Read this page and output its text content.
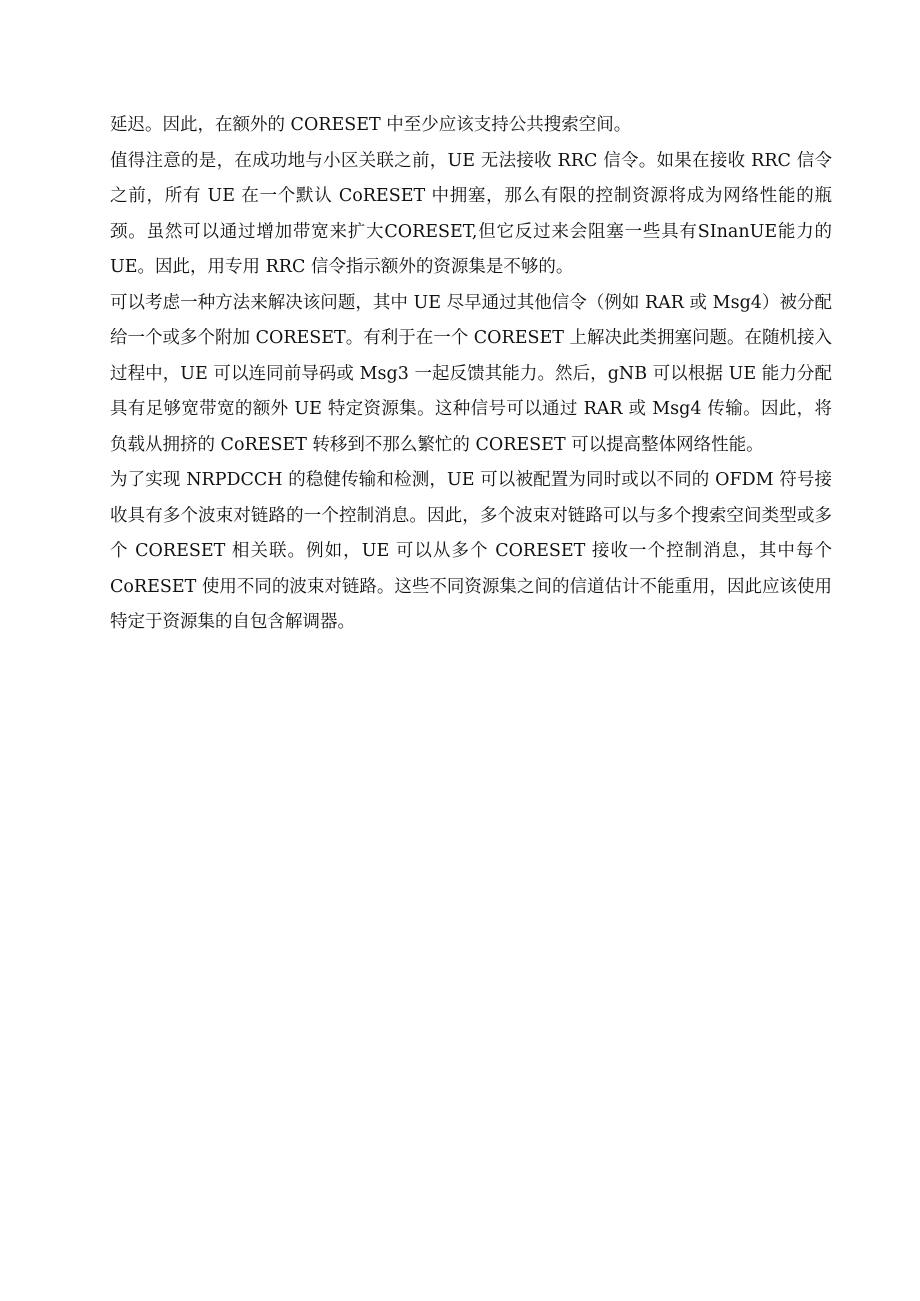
延迟。因此，在额外的 CORESET 中至少应该支持公共搜索空间。

值得注意的是，在成功地与小区关联之前，UE 无法接收 RRC 信令。如果在接收 RRC 信令之前，所有 UE 在一个默认 CoRESET 中拥塞，那么有限的控制资源将成为网络性能的瓶颈。虽然可以通过增加带宽来扩大CORESET,但它反过来会阻塞一些具有SInanUE能力的UE。因此，用专用 RRC 信令指示额外的资源集是不够的。

可以考虑一种方法来解决该问题，其中 UE 尽早通过其他信令（例如 RAR 或 Msg4）被分配给一个或多个附加 CORESET。有利于在一个 CORESET 上解决此类拥塞问题。在随机接入过程中，UE 可以连同前导码或 Msg3 一起反馈其能力。然后，gNB 可以根据 UE 能力分配具有足够宽带宽的额外 UE 特定资源集。这种信号可以通过 RAR 或 Msg4 传输。因此，将负载从拥挤的 CoRESET 转移到不那么繁忙的 CORESET 可以提高整体网络性能。

为了实现 NRPDCCH 的稳健传输和检测，UE 可以被配置为同时或以不同的 OFDM 符号接收具有多个波束对链路的一个控制消息。因此，多个波束对链路可以与多个搜索空间类型或多个 CORESET 相关联。例如，UE 可以从多个 CORESET 接收一个控制消息，其中每个 CoRESET 使用不同的波束对链路。这些不同资源集之间的信道估计不能重用，因此应该使用特定于资源集的自包含解调器。
